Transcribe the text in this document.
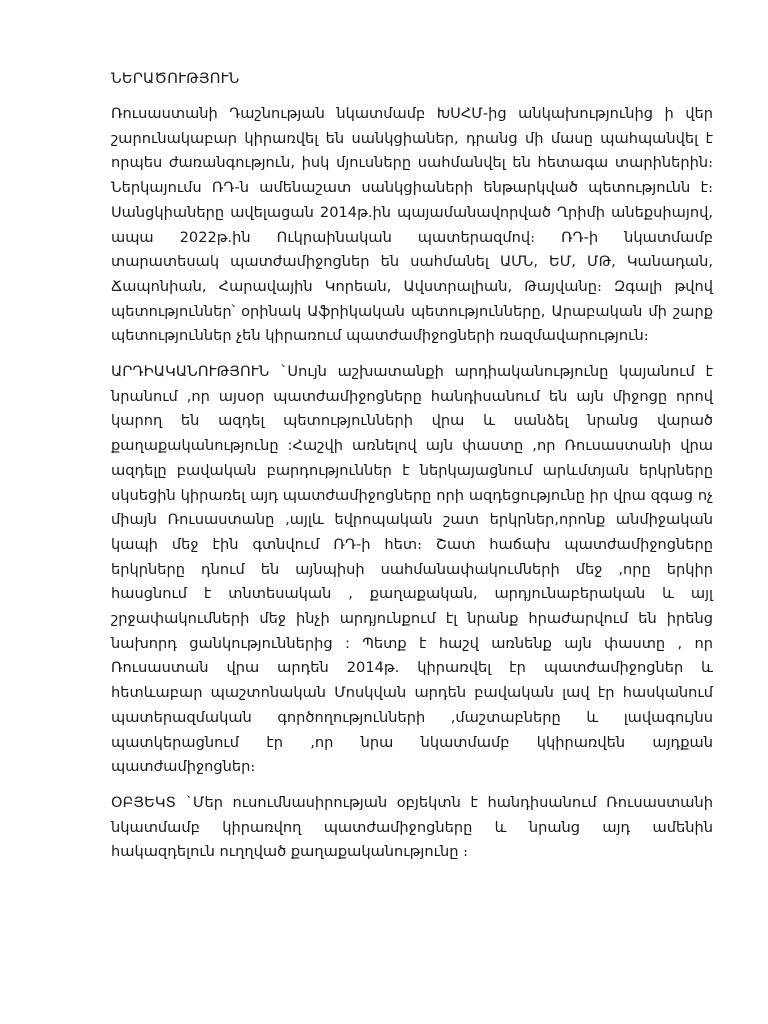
ՆԵՐԱԾՈՒԹՅՈՒՆ

Ռուսաստանի Դաշնության նկատմամբ ԽՍՀՄ-ից անկախությունից ի վեր շարունակաբար կիրառվել են սանկցիաներ, դրանց մի մասը պահպանվել է որպես ժառանգություն, իսկ մյուսները սահմանվել են հետագա տարիներին։ Ներկայումս ՌԴ-ն ամենաշատ սանկցիաների ենթարկված պետությունն է։ Սանցկիաները ավելացան 2014թ.ին պայամանավորված Ղրիմի անեքսիայով, ապա 2022թ.ին Ուկրաինական պատերազմով։ ՌԴ-ի նկատմամբ տարատեսակ պատժամիջոցներ են սահմանել ԱՄՆ, ԵՄ, ՄԹ, Կանադան, Ճապոնիան, Հարավային Կորեան, Ավստրալիան, Թայվանը։ Զգալի թվով պետություններ՝ օրինակ Աֆրիկական պետությունները, Արաբական մի շարք պետություններ չեն կիրառում պատժամիջոցների ռազմավարություն։

ԱՐԴԻԱԿԱՆՈՒԹՅՈՒՆ `Սույն աշխատանքի արդիականությունը կայանում է նրանում ,որ այսօր պատժամիջոցները հանդիսանում են այն միջոցը որով կարող են ազդել պետությունների վրա և սանձել նրանց վարած քաղաքականությունը :Հաշվի առնելով այն փաստը ,որ Ռուսաստանի վրա ազդելը բավական բարդություններ է ներկայացնում արևմտյան երկրները սկսեցին կիրառել այդ պատժամիջոցները որի ազդեցությունը իր վրա զգաց ոչ միայն Ռուսաստանը ,այլև եվրոպական շատ երկրներ,որոնք անմիջական կապի մեջ էին գտնվում ՌԴ-ի հետ։ Շատ հաճախ պատժամիջոցները երկրները դնում են այնպիսի սահմանափակումների մեջ ,որը երկիր հասցնում է տնտեսական , քաղաքական, արդյունաբերական և այլ շրջափակումների մեջ ինչի արդյունքում էլ նրանք հրաժարվում են իրենց նախորդ ցանկություններից : Պետք է հաշվ առնենք այն փաստը , որ Ռուսաստան վրա արդեն 2014թ. կիրառվել էր պատժամիջոցներ և հետևաբար պաշտոնական Մոսկվան արդեն բավական լավ էր հասկանում պատերազմական գործողությունների ,մաշտաբները և լավագույնս պատկերացնում էր ,որ նրա նկատմամբ կկիրառվեն այդքան պատժամիջոցներ։

ՕԲՅԵԿՏ `Մեր ուսումնասիրության օբյեկտն է հանդիսանում Ռուսաստանի նկատմամբ կիրառվող պատժամիջոցները և նրանց այդ ամենին հակազդելուն ուղղված քաղաքականությունը ։
